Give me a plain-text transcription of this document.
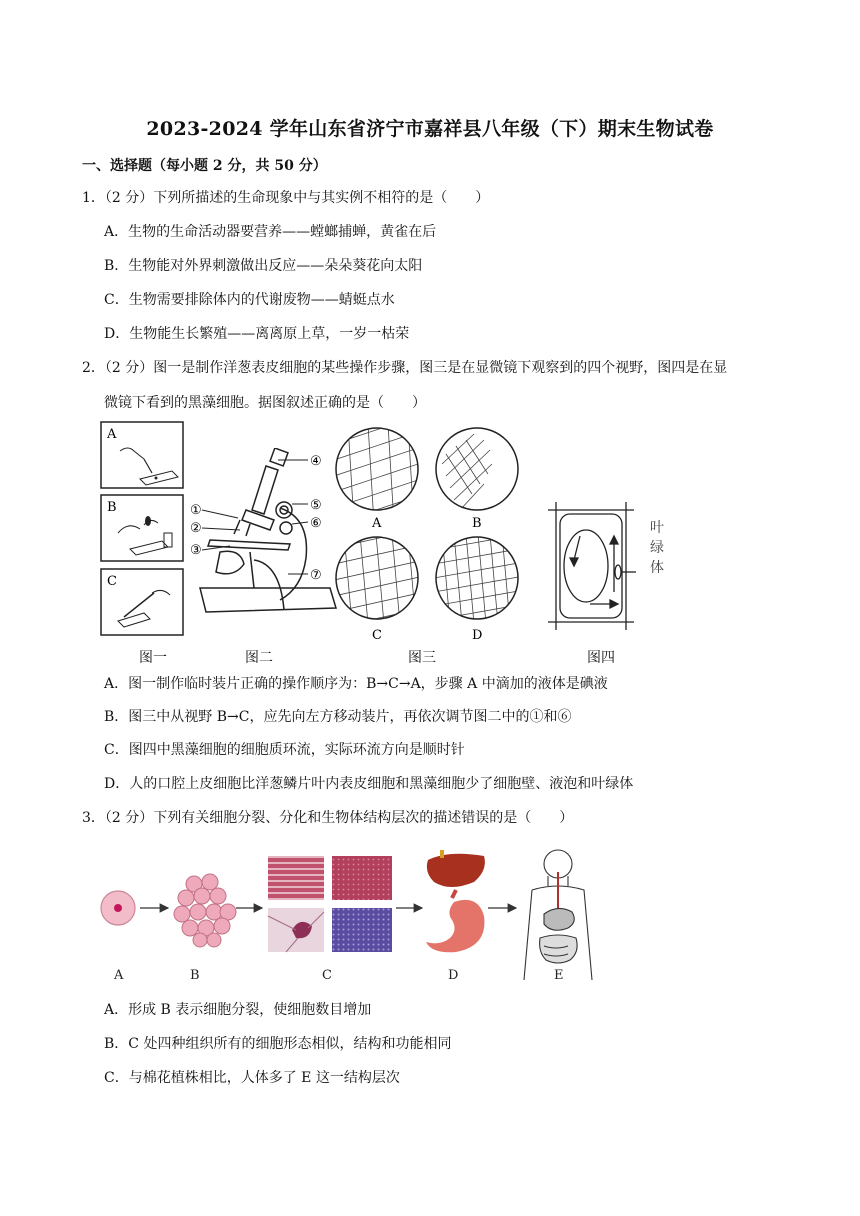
2023-2024 学年山东省济宁市嘉祥县八年级（下）期末生物试卷
一、选择题（每小题 2 分，共 50 分）
1．（2 分）下列所描述的生命现象中与其实例不相符的是（　　）
A．生物的生命活动器要营养——螳螂捕蝉，黄雀在后
B．生物能对外界刺激做出反应——朵朵葵花向太阳
C．生物需要排除体内的代谢废物——蜻蜓点水
D．生物能生长繁殖——离离原上草，一岁一枯荣
2．（2 分）图一是制作洋葱表皮细胞的某些操作步骤，图三是在显微镜下观察到的四个视野，图四是在显
微镜下看到的黑藻细胞。据图叙述正确的是（　　）
A
B
C
①
②
③
④
⑤
⑥
⑦
A	B
C	D
叶绿体
图一	图二	图三	图四
A．图一制作临时装片正确的操作顺序为：B→C→A，步骤 A 中滴加的液体是碘液
B．图三中从视野 B→C，应先向左方移动装片，再依次调节图二中的①和⑥
C．图四中黑藻细胞的细胞质环流，实际环流方向是顺时针
D．人的口腔上皮细胞比洋葱鳞片叶内表皮细胞和黑藻细胞少了细胞壁、液泡和叶绿体
3．（2 分）下列有关细胞分裂、分化和生物体结构层次的描述错误的是（　　）
A	B	C	D	E
A．形成 B 表示细胞分裂，使细胞数目增加
B．C 处四种组织所有的细胞形态相似，结构和功能相同
C．与棉花植株相比，人体多了 E 这一结构层次
